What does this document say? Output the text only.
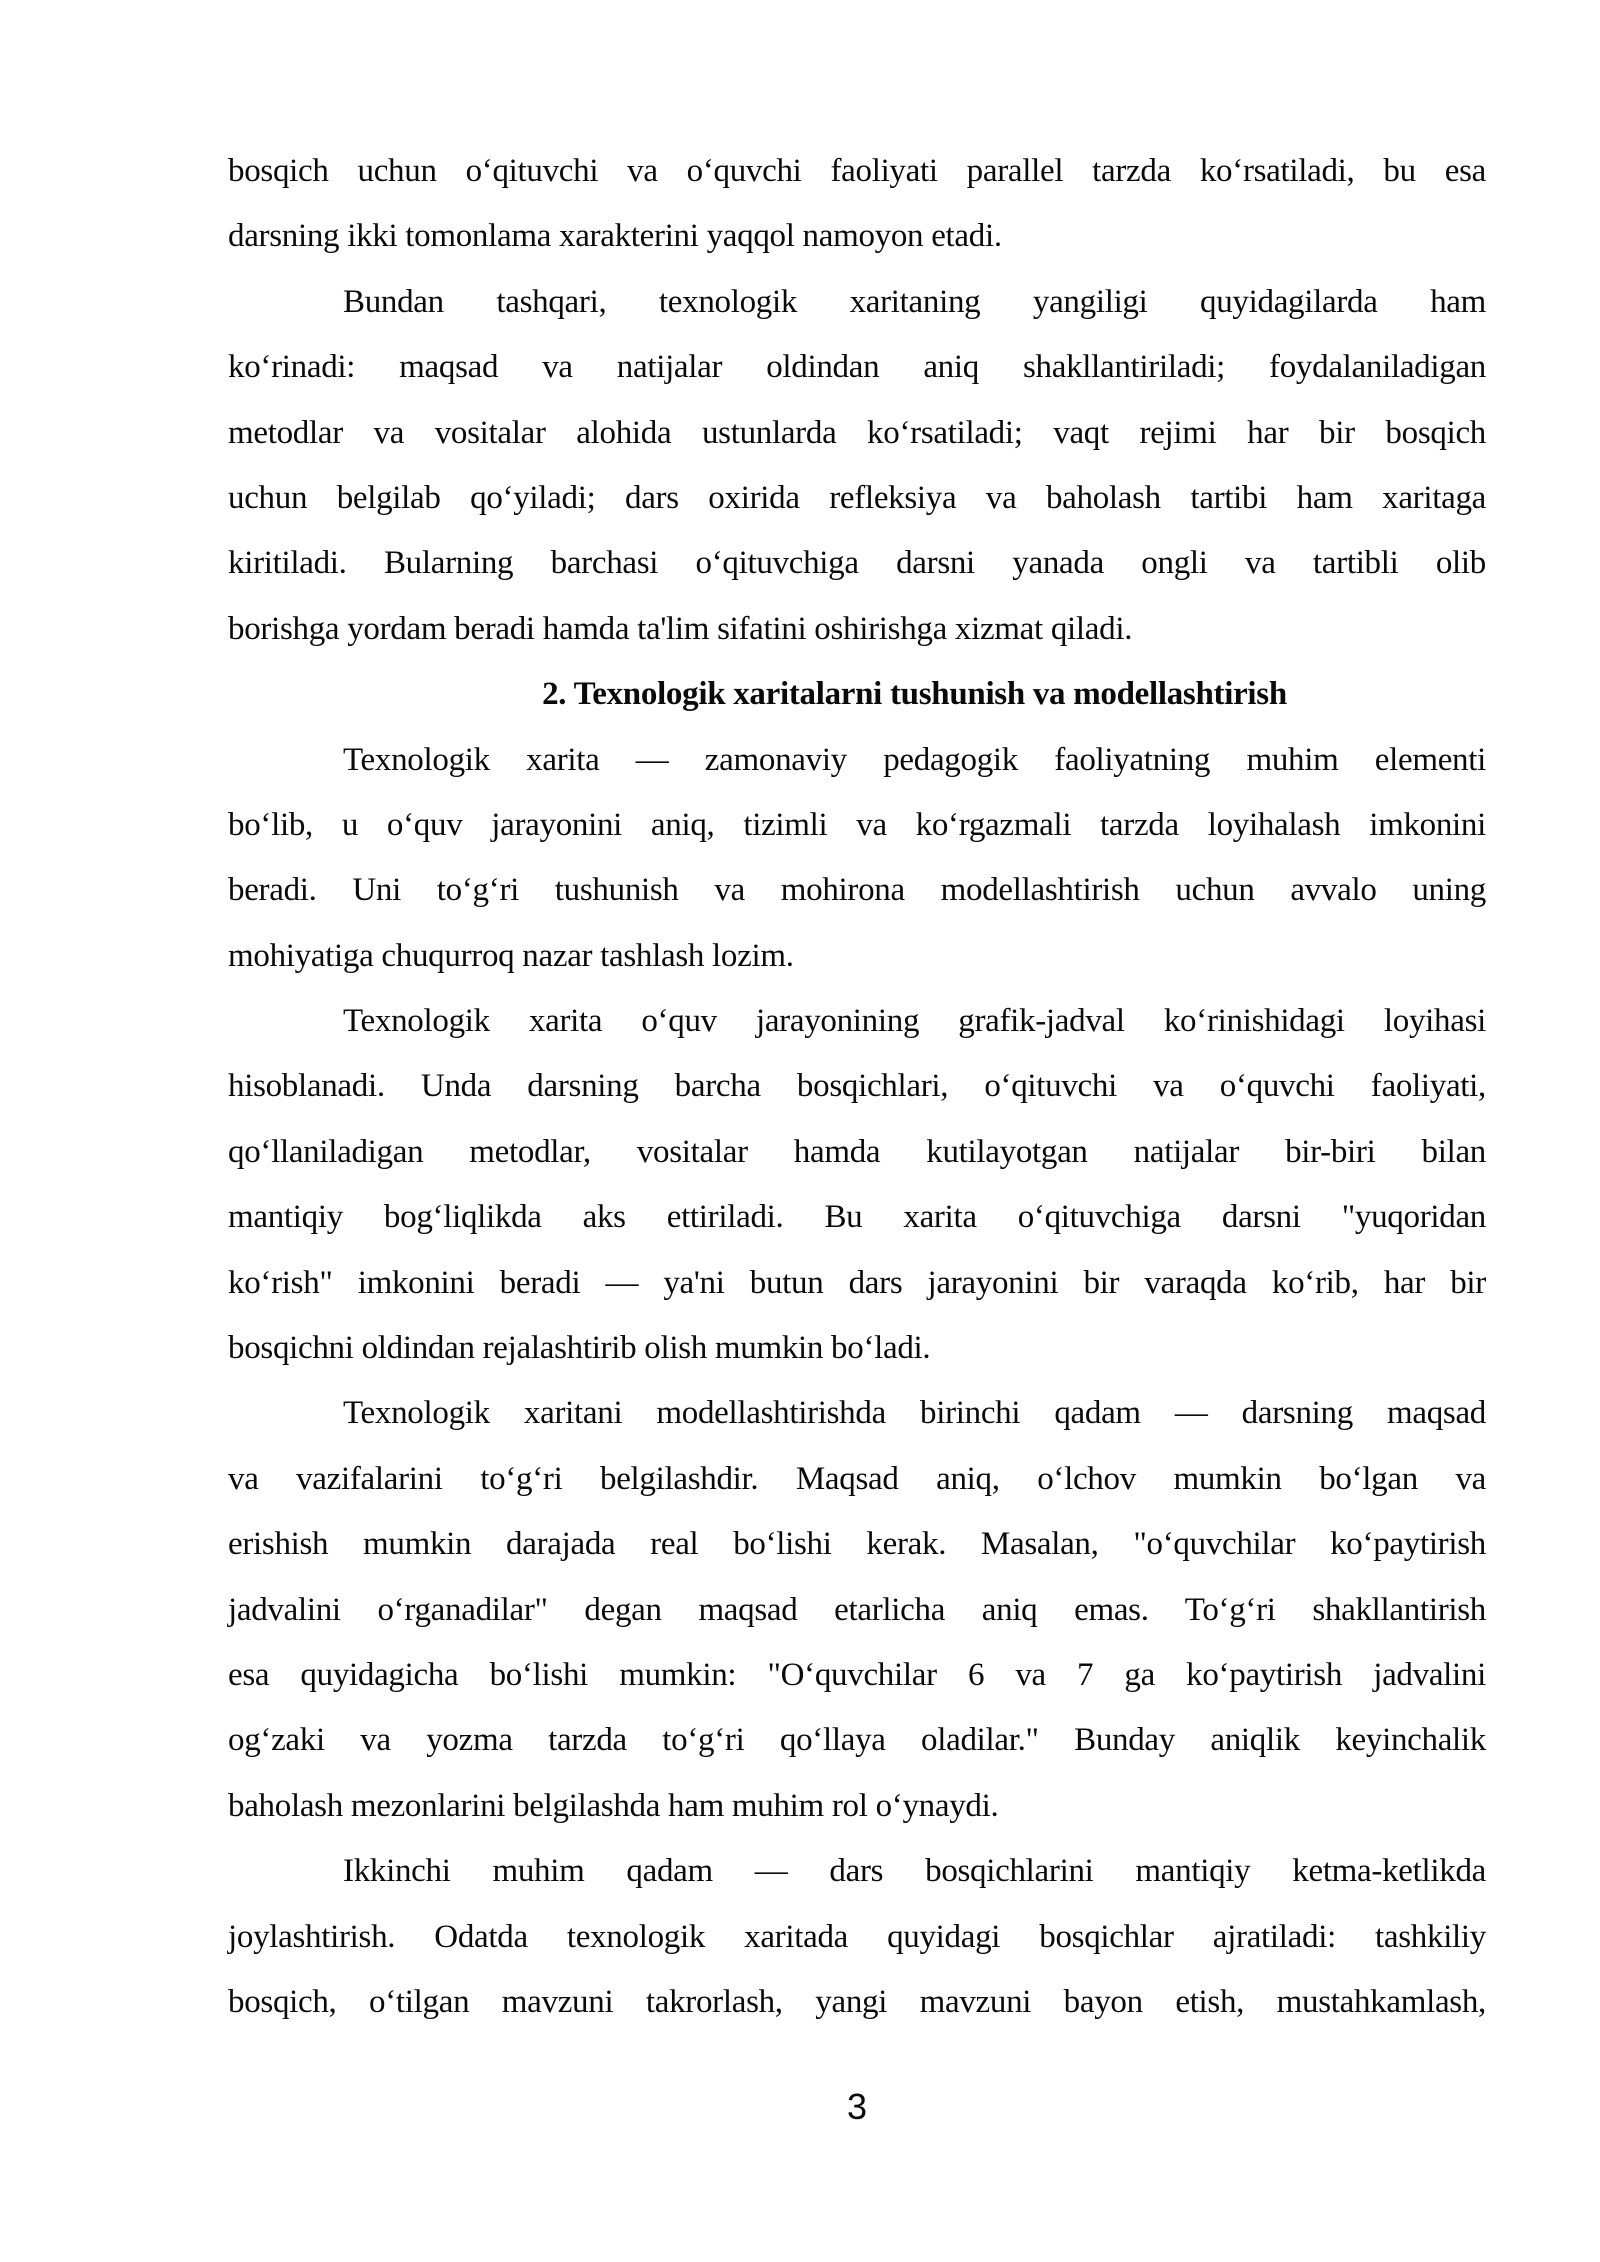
bosqich uchun o‘qituvchi va o‘quvchi faoliyati parallel tarzda ko‘rsatiladi, bu esa
darsning ikki tomonlama xarakterini yaqqol namoyon etadi.
Bundan tashqari, texnologik xaritaning yangiligi quyidagilarda ham
ko‘rinadi: maqsad va natijalar oldindan aniq shakllantiriladi; foydalaniladigan
metodlar va vositalar alohida ustunlarda ko‘rsatiladi; vaqt rejimi har bir bosqich
uchun belgilab qo‘yiladi; dars oxirida refleksiya va baholash tartibi ham xaritaga
kiritiladi. Bularning barchasi o‘qituvchiga darsni yanada ongli va tartibli olib
borishga yordam beradi hamda ta'lim sifatini oshirishga xizmat qiladi.
2. Texnologik xaritalarni tushunish va modellashtirish
Texnologik xarita — zamonaviy pedagogik faoliyatning muhim elementi
bo‘lib, u o‘quv jarayonini aniq, tizimli va ko‘rgazmali tarzda loyihalash imkonini
beradi. Uni to‘g‘ri tushunish va mohirona modellashtirish uchun avvalo uning
mohiyatiga chuqurroq nazar tashlash lozim.
Texnologik xarita o‘quv jarayonining grafik-jadval ko‘rinishidagi loyihasi
hisoblanadi. Unda darsning barcha bosqichlari, o‘qituvchi va o‘quvchi faoliyati,
qo‘llaniladigan metodlar, vositalar hamda kutilayotgan natijalar bir-biri bilan
mantiqiy bog‘liqlikda aks ettiriladi. Bu xarita o‘qituvchiga darsni "yuqoridan
ko‘rish" imkonini beradi — ya'ni butun dars jarayonini bir varaqda ko‘rib, har bir
bosqichni oldindan rejalashtirib olish mumkin bo‘ladi.
Texnologik xaritani modellashtirishda birinchi qadam — darsning maqsad
va vazifalarini to‘g‘ri belgilashdir. Maqsad aniq, o‘lchov mumkin bo‘lgan va
erishish mumkin darajada real bo‘lishi kerak. Masalan, "o‘quvchilar ko‘paytirish
jadvalini o‘rganadilar" degan maqsad etarlicha aniq emas. To‘g‘ri shakllantirish
esa quyidagicha bo‘lishi mumkin: "O‘quvchilar 6 va 7 ga ko‘paytirish jadvalini
og‘zaki va yozma tarzda to‘g‘ri qo‘llaya oladilar." Bunday aniqlik keyinchalik
baholash mezonlarini belgilashda ham muhim rol o‘ynaydi.
Ikkinchi muhim qadam — dars bosqichlarini mantiqiy ketma-ketlikda
joylashtirish. Odatda texnologik xaritada quyidagi bosqichlar ajratiladi: tashkiliy
bosqich, o‘tilgan mavzuni takrorlash, yangi mavzuni bayon etish, mustahkamlash,
3
